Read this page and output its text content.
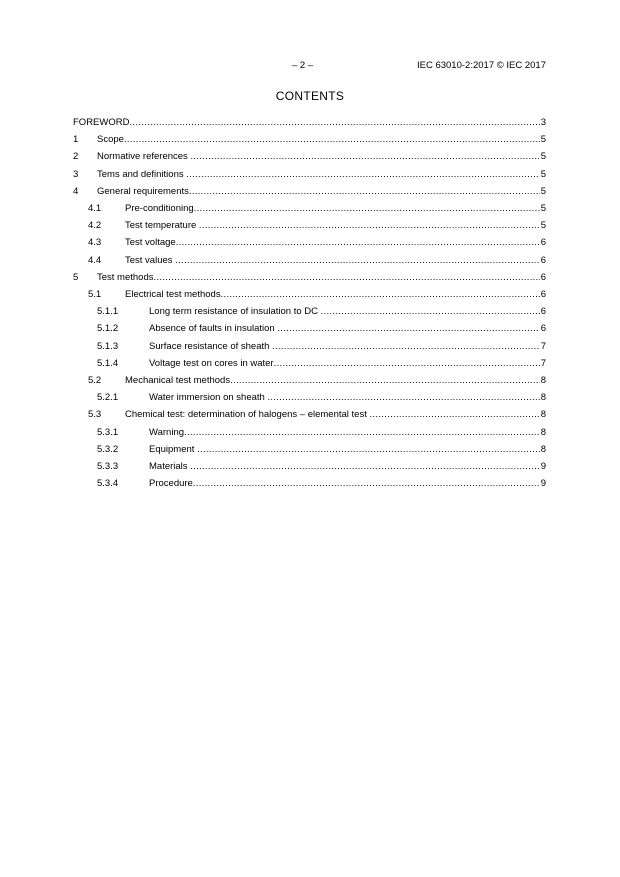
– 2 –	IEC 63010-2:2017 © IEC 2017
CONTENTS
FOREWORD .....	3
1 Scope .....	5
2 Normative references .....	5
3 Tems and definitions .....	5
4 General requirements .....	5
4.1	Pre-conditioning .....	5
4.2	Test temperature .....	5
4.3	Test voltage .....	6
4.4	Test values .....	6
5 Test methods .....	6
5.1	Electrical test methods .....	6
5.1.1	Long term resistance of insulation to DC .....	6
5.1.2	Absence of faults in insulation .....	6
5.1.3	Surface resistance of sheath .....	7
5.1.4	Voltage test on cores in water .....	7
5.2	Mechanical test methods .....	8
5.2.1	Water immersion on sheath .....	8
5.3	Chemical test: determination of halogens – elemental test .....	8
5.3.1	Warning .....	8
5.3.2	Equipment .....	8
5.3.3	Materials .....	9
5.3.4	Procedure .....	9
